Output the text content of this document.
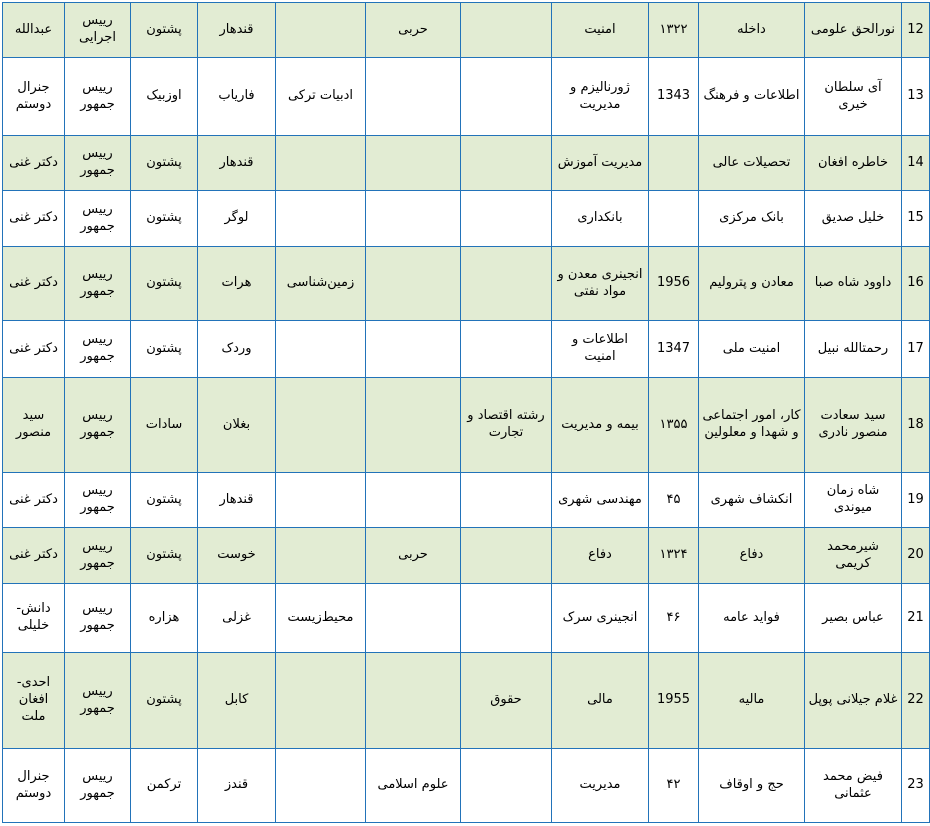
12	نورالحق علومی	داخله	۱۳۲۲	امنیت		حربی		قندهار	پشتون	رییس اجرایی	عبدالله
13	آی سلطان خیری	اطلاعات و فرهنگ	1343	ژورنالیزم و مدیریت			ادبیات ترکی	فاریاب	اوزبیک	رییس جمهور	جنرال دوستم
14	خاطره افغان	تحصیلات عالی		مدیریت آموزش				قندهار	پشتون	رییس جمهور	دکتر غنی
15	خلیل صدیق	بانک مرکزی		بانکداری				لوگر	پشتون	رییس جمهور	دکتر غنی
16	داوود شاه صبا	معادن و پترولیم	1956	انجینری معدن و مواد نفتی			زمین‌شناسی	هرات	پشتون	رییس جمهور	دکتر غنی
17	رحمتالله نبیل	امنیت ملی	1347	اطلاعات و امنیت				وردک	پشتون	رییس جمهور	دکتر غنی
18	سید سعادت منصور نادری	کار، امور اجتماعی و شهدا و معلولین	۱۳۵۵	بیمه و مدیریت	رشته اقتصاد و تجارت			بغلان	سادات	رییس جمهور	سید منصور
19	شاه زمان میوندی	انکشاف شهری	۴۵	مهندسی شهری				قندهار	پشتون	رییس جمهور	دکتر غنی
20	شیرمحمد کریمی	دفاع	۱۳۲۴	دفاع		حربی		خوست	پشتون	رییس جمهور	دکتر غنی
21	عباس بصیر	فواید عامه	۴۶	انجینری سرک			محیط‌زیست	غزلی	هزاره	رییس جمهور	دانش-خلیلی
22	غلام جیلانی پوپل	مالیه	1955	مالی	حقوق			کابل	پشتون	رییس جمهور	احدی-افغان ملت
23	فیض محمد عثمانی	حج و اوقاف	۴۲	مدیریت		علوم اسلامی		قندز	ترکمن	رییس جمهور	جنرال دوستم
